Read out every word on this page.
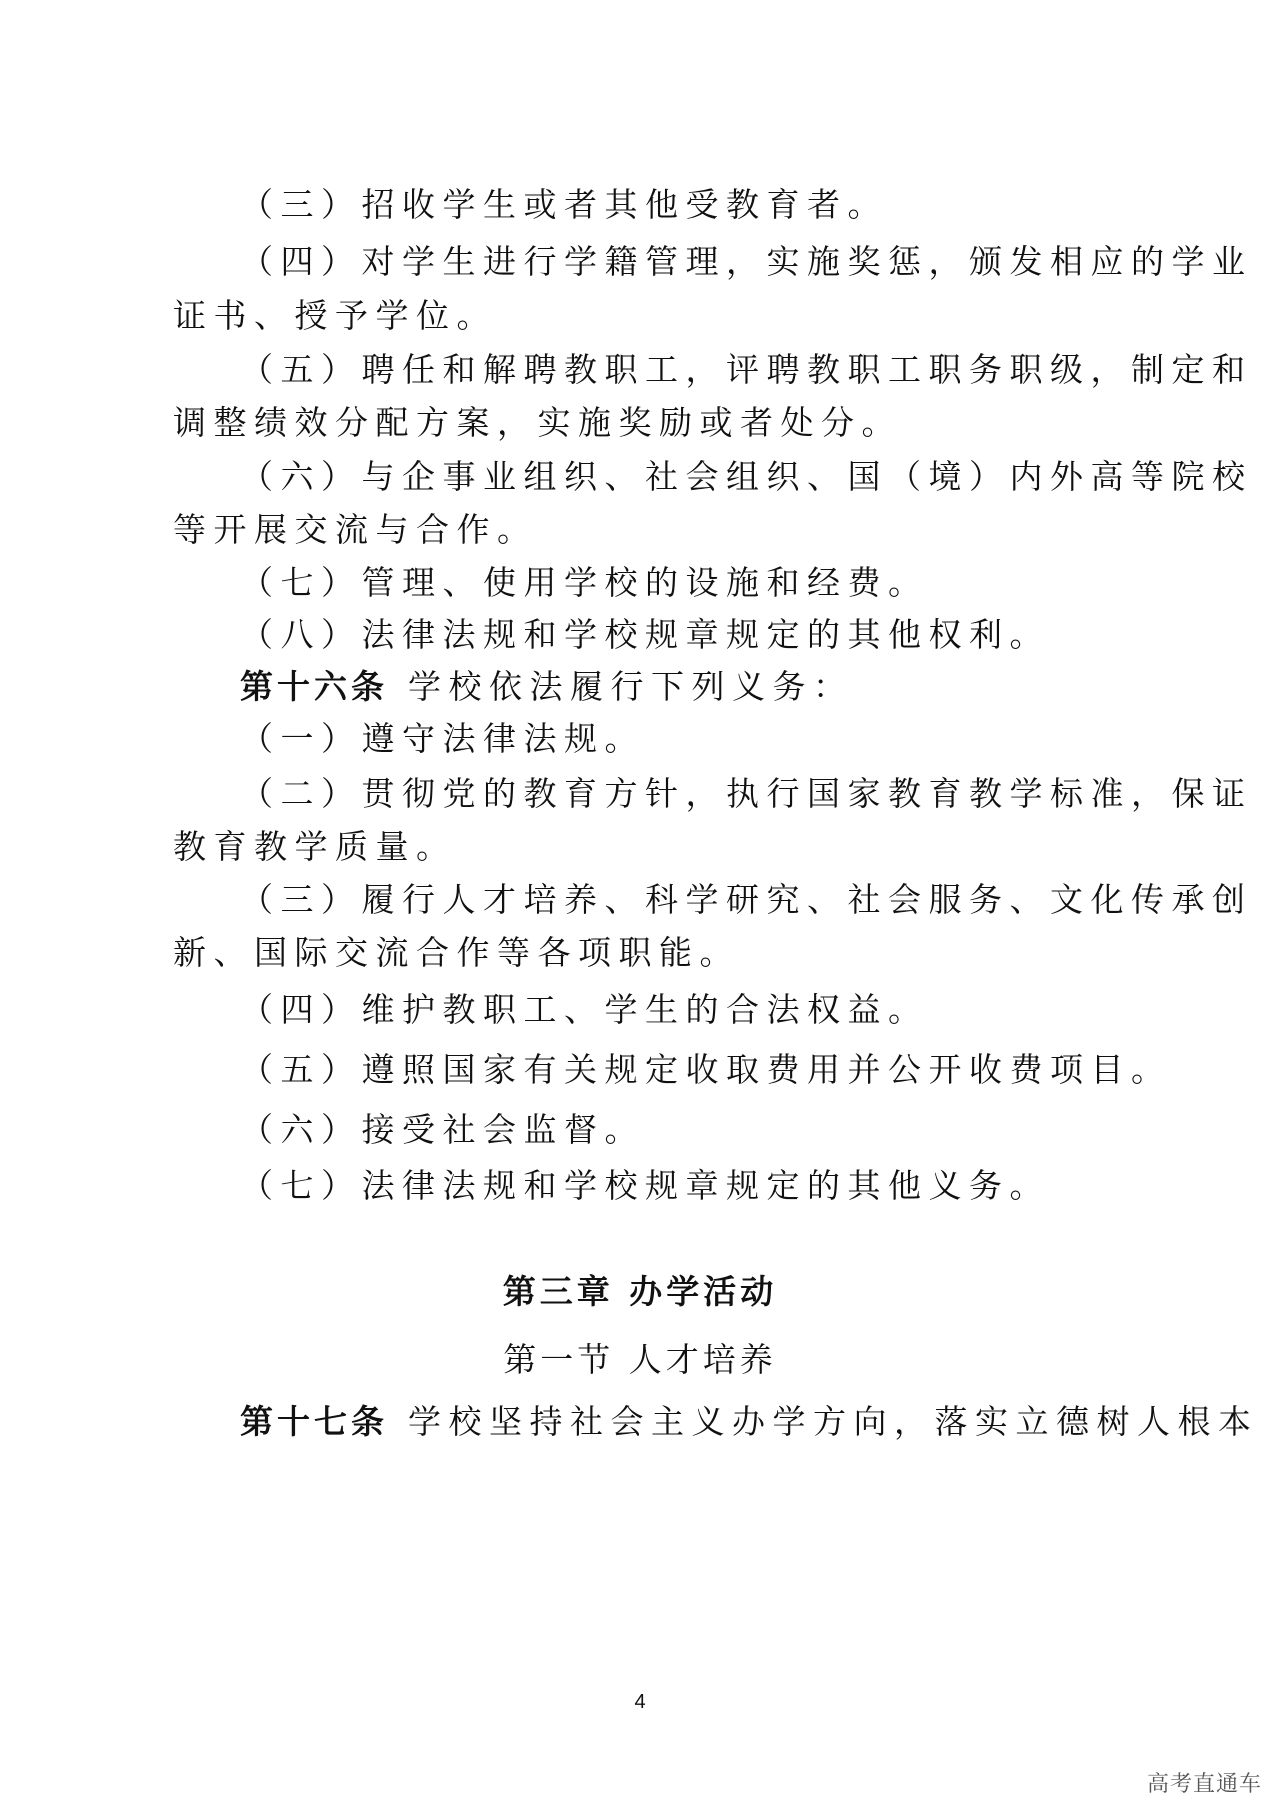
（三）招收学生或者其他受教育者。
（四）对学生进行学籍管理，实施奖惩，颁发相应的学业
证书、授予学位。
（五）聘任和解聘教职工，评聘教职工职务职级，制定和
调整绩效分配方案，实施奖励或者处分。
（六）与企事业组织、社会组织、国（境）内外高等院校
等开展交流与合作。
（七）管理、使用学校的设施和经费。
（八）法律法规和学校规章规定的其他权利。
第十六条 学校依法履行下列义务：
（一）遵守法律法规。
（二）贯彻党的教育方针，执行国家教育教学标准，保证
教育教学质量。
（三）履行人才培养、科学研究、社会服务、文化传承创
新、国际交流合作等各项职能。
（四）维护教职工、学生的合法权益。
（五）遵照国家有关规定收取费用并公开收费项目。
（六）接受社会监督。
（七）法律法规和学校规章规定的其他义务。
第三章 办学活动
第一节 人才培养
第十七条 学校坚持社会主义办学方向，落实立德树人根本
4
高考直通车
